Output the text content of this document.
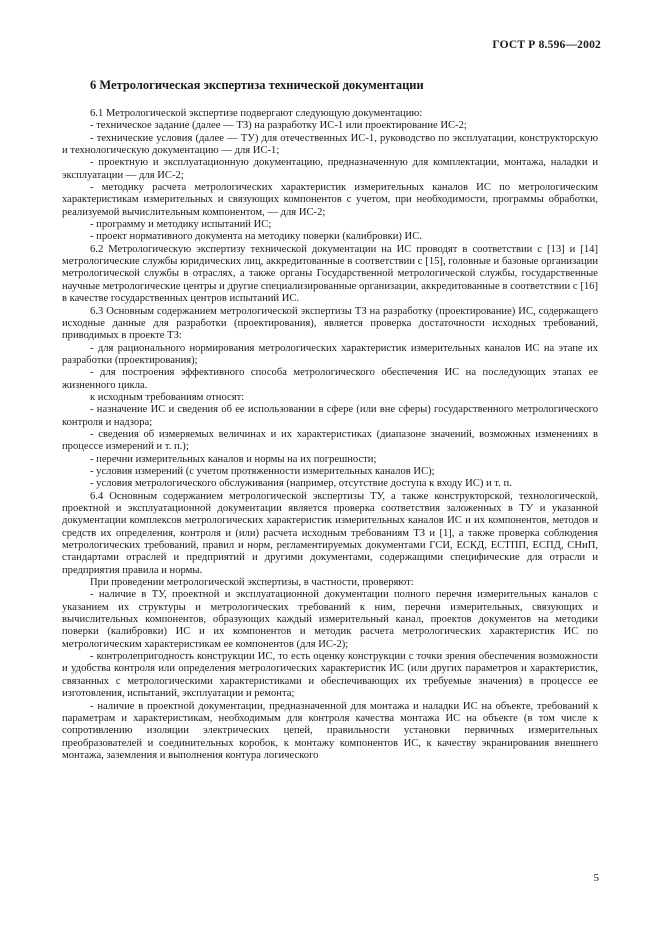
ГОСТ Р 8.596—2002
6 Метрологическая экспертиза технической документации

6.1 Метрологической экспертизе подвергают следующую документацию:

- техническое задание (далее — ТЗ) на разработку ИС-1 или проектирование ИС-2;

- технические условия (далее — ТУ) для отечественных ИС-1, руководство по эксплуатации, конструкторскую и технологическую документацию — для ИС-1;

- проектную и эксплуатационную документацию, предназначенную для комплектации, монтажа, наладки и эксплуатации — для ИС-2;

- методику расчета метрологических характеристик измерительных каналов ИС по метрологическим характеристикам измерительных и связующих компонентов с учетом, при необходимости, программы обработки, реализуемой вычислительным компонентом, — для ИС-2;

- программу и методику испытаний ИС;

- проект нормативного документа на методику поверки (калибровки) ИС.

6.2 Метрологическую экспертизу технической документации на ИС проводят в соответствии с [13] и [14] метрологические службы юридических лиц, аккредитованные в соответствии с [15], головные и базовые организации метрологической службы в отраслях, а также органы Государственной метрологической службы, государственные научные метрологические центры и другие специализированные организации, аккредитованные в соответствии с [16] в качестве государственных центров испытаний ИС.

6.3 Основным содержанием метрологической экспертизы ТЗ на разработку (проектирование) ИС, содержащего исходные данные для разработки (проектирования), является проверка достаточности исходных требований, приводимых в проекте ТЗ:

- для рационального нормирования метрологических характеристик измерительных каналов ИС на этапе их разработки (проектирования);

- для построения эффективного способа метрологического обеспечения ИС на последующих этапах ее жизненного цикла.

к исходным требованиям относят:

- назначение ИС и сведения об ее использовании в сфере (или вне сферы) государственного метрологического контроля и надзора;

- сведения об измеряемых величинах и их характеристиках (диапазоне значений, возможных изменениях в процессе измерений и т. п.);

- перечни измерительных каналов и нормы на их погрешности;

- условия измерений (с учетом протяженности измерительных каналов ИС);

- условия метрологического обслуживания (например, отсутствие доступа к входу ИС) и т. п.

6.4 Основным содержанием метрологической экспертизы ТУ, а также конструкторской, технологической, проектной и эксплуатационной документации является проверка соответствия заложенных в ТУ и указанной документации комплексов метрологических характеристик измерительных каналов ИС и их компонентов, методов и средств их определения, контроля и (или) расчета исходным требованиям ТЗ и [1], а также проверка соблюдения метрологических требований, правил и норм, регламентируемых документами ГСИ, ЕСКД, ЕСТПП, ЕСПД, СНиП, стандартами отраслей и предприятий и другими документами, содержащими специфические для отрасли и предприятия правила и нормы.

При проведении метрологической экспертизы, в частности, проверяют:

- наличие в ТУ, проектной и эксплуатационной документации полного перечня измерительных каналов с указанием их структуры и метрологических требований к ним, перечня измерительных, связующих и вычислительных компонентов, образующих каждый измерительный канал, проектов документов на методики поверки (калибровки) ИС и их компонентов и методик расчета метрологических характеристик ИС по метрологическим характеристикам ее компонентов (для ИС-2);

- контролепригодность конструкции ИС, то есть оценку конструкции с точки зрения обеспечения возможности и удобства контроля или определения метрологических характеристик ИС (или других параметров и характеристик, связанных с метрологическими характеристиками и обеспечивающих их требуемые значения) в процессе ее изготовления, испытаний, эксплуатации и ремонта;

- наличие в проектной документации, предназначенной для монтажа и наладки ИС на объекте, требований к параметрам и характеристикам, необходимым для контроля качества монтажа ИС на объекте (в том числе к сопротивлению изоляции электрических цепей, правильности установки первичных измерительных преобразователей и соединительных коробок, к монтажу компонентов ИС, к качеству экранирования внешнего монтажа, заземления и выполнения контура логического

5
